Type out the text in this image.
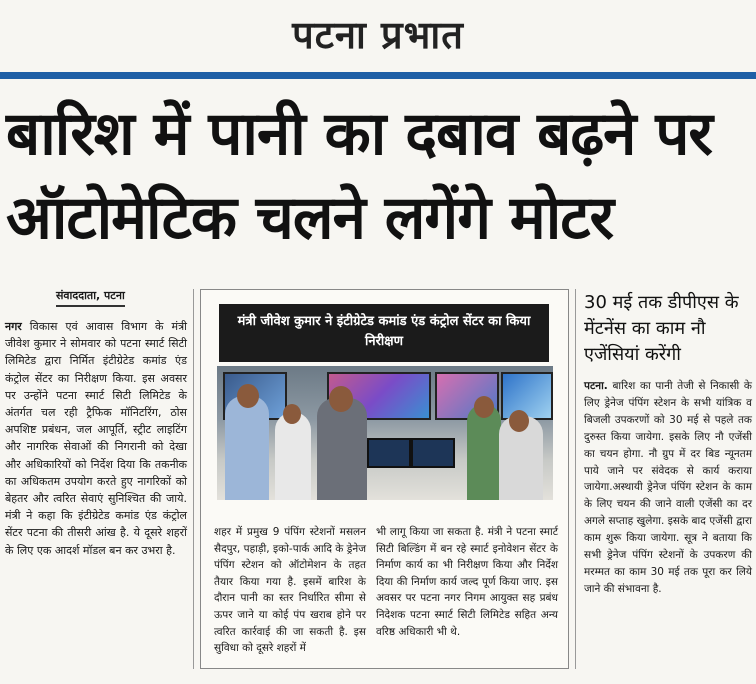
पटना प्रभात
बारिश में पानी का दबाव बढ़ने पर
ऑटोमेटिक चलने लगेंगे मोटर
संवाददाता, पटना
नगर विकास एवं आवास विभाग के मंत्री जीवेश कुमार ने सोमवार को पटना स्मार्ट सिटी लिमिटेड द्वारा निर्मित इंटीग्रेटेड कमांड एंड कंट्रोल सेंटर का निरीक्षण किया. इस अवसर पर उन्होंने पटना स्मार्ट सिटी लिमिटेड के अंतर्गत चल रही ट्रैफिक मॉनिटरिंग, ठोस अपशिष्ट प्रबंधन, जल आपूर्ति, स्ट्रीट लाइटिंग और नागरिक सेवाओं की निगरानी को देखा और अधिकारियों को निर्देश दिया कि तकनीक का अधिकतम उपयोग करते हुए नागरिकों को बेहतर और त्वरित सेवाएं सुनिश्चित की जाये. मंत्री ने कहा कि इंटीग्रेटेड कमांड एंड कंट्रोल सेंटर पटना की तीसरी आंख है. ये दूसरे शहरों के लिए एक आदर्श मॉडल बन कर उभरा है.
मंत्री जीवेश कुमार ने इंटीग्रेटेड कमांड एंड कंट्रोल सेंटर का किया निरीक्षण
शहर में प्रमुख 9 पंपिंग स्टेशनों मसलन सैदपुर, पहाड़ी, इको-पार्क आदि के ड्रेनेज पंपिंग स्टेशन को ऑटोमेशन के तहत तैयार किया गया है. इसमें बारिश के दौरान पानी का स्तर निर्धारित सीमा से ऊपर जाने या कोई पंप खराब होने पर त्वरित कार्रवाई की जा सकती है. इस सुविधा को दूसरे शहरों में
भी लागू किया जा सकता है. मंत्री ने पटना स्मार्ट सिटी बिल्डिंग में बन रहे स्मार्ट इनोवेशन सेंटर के निर्माण कार्य का भी निरीक्षण किया और निर्देश दिया की निर्माण कार्य जल्द पूर्ण किया जाए. इस अवसर पर पटना नगर निगम आयुक्त सह प्रबंध निदेशक पटना स्मार्ट सिटी लिमिटेड सहित अन्य वरिष्ठ अधिकारी भी थे.
30 मई तक डीपीएस के मेंटनेंस का काम नौ एजेंसियां करेंगी
पटना. बारिश का पानी तेजी से निकासी के लिए ड्रेनेज पंपिंग स्टेशन के सभी यांत्रिक व बिजली उपकरणों को 30 मई से पहले तक दुरुस्त किया जायेगा. इसके लिए नौ एजेंसी का चयन होगा. नौ ग्रुप में दर बिड न्यूनतम पाये जाने पर संवेदक से कार्य कराया जायेगा.अस्थायी ड्रेनेज पंपिंग स्टेशन के काम के लिए चयन की जाने वाली एजेंसी का दर अगले सप्ताह खुलेगा. इसके बाद एजेंसी द्वारा काम शुरू किया जायेगा. सूत्र ने बताया कि सभी ड्रेनेज पंपिंग स्टेशनों के उपकरण की मरम्मत का काम 30 मई तक पूरा कर लिये जाने की संभावना है.
